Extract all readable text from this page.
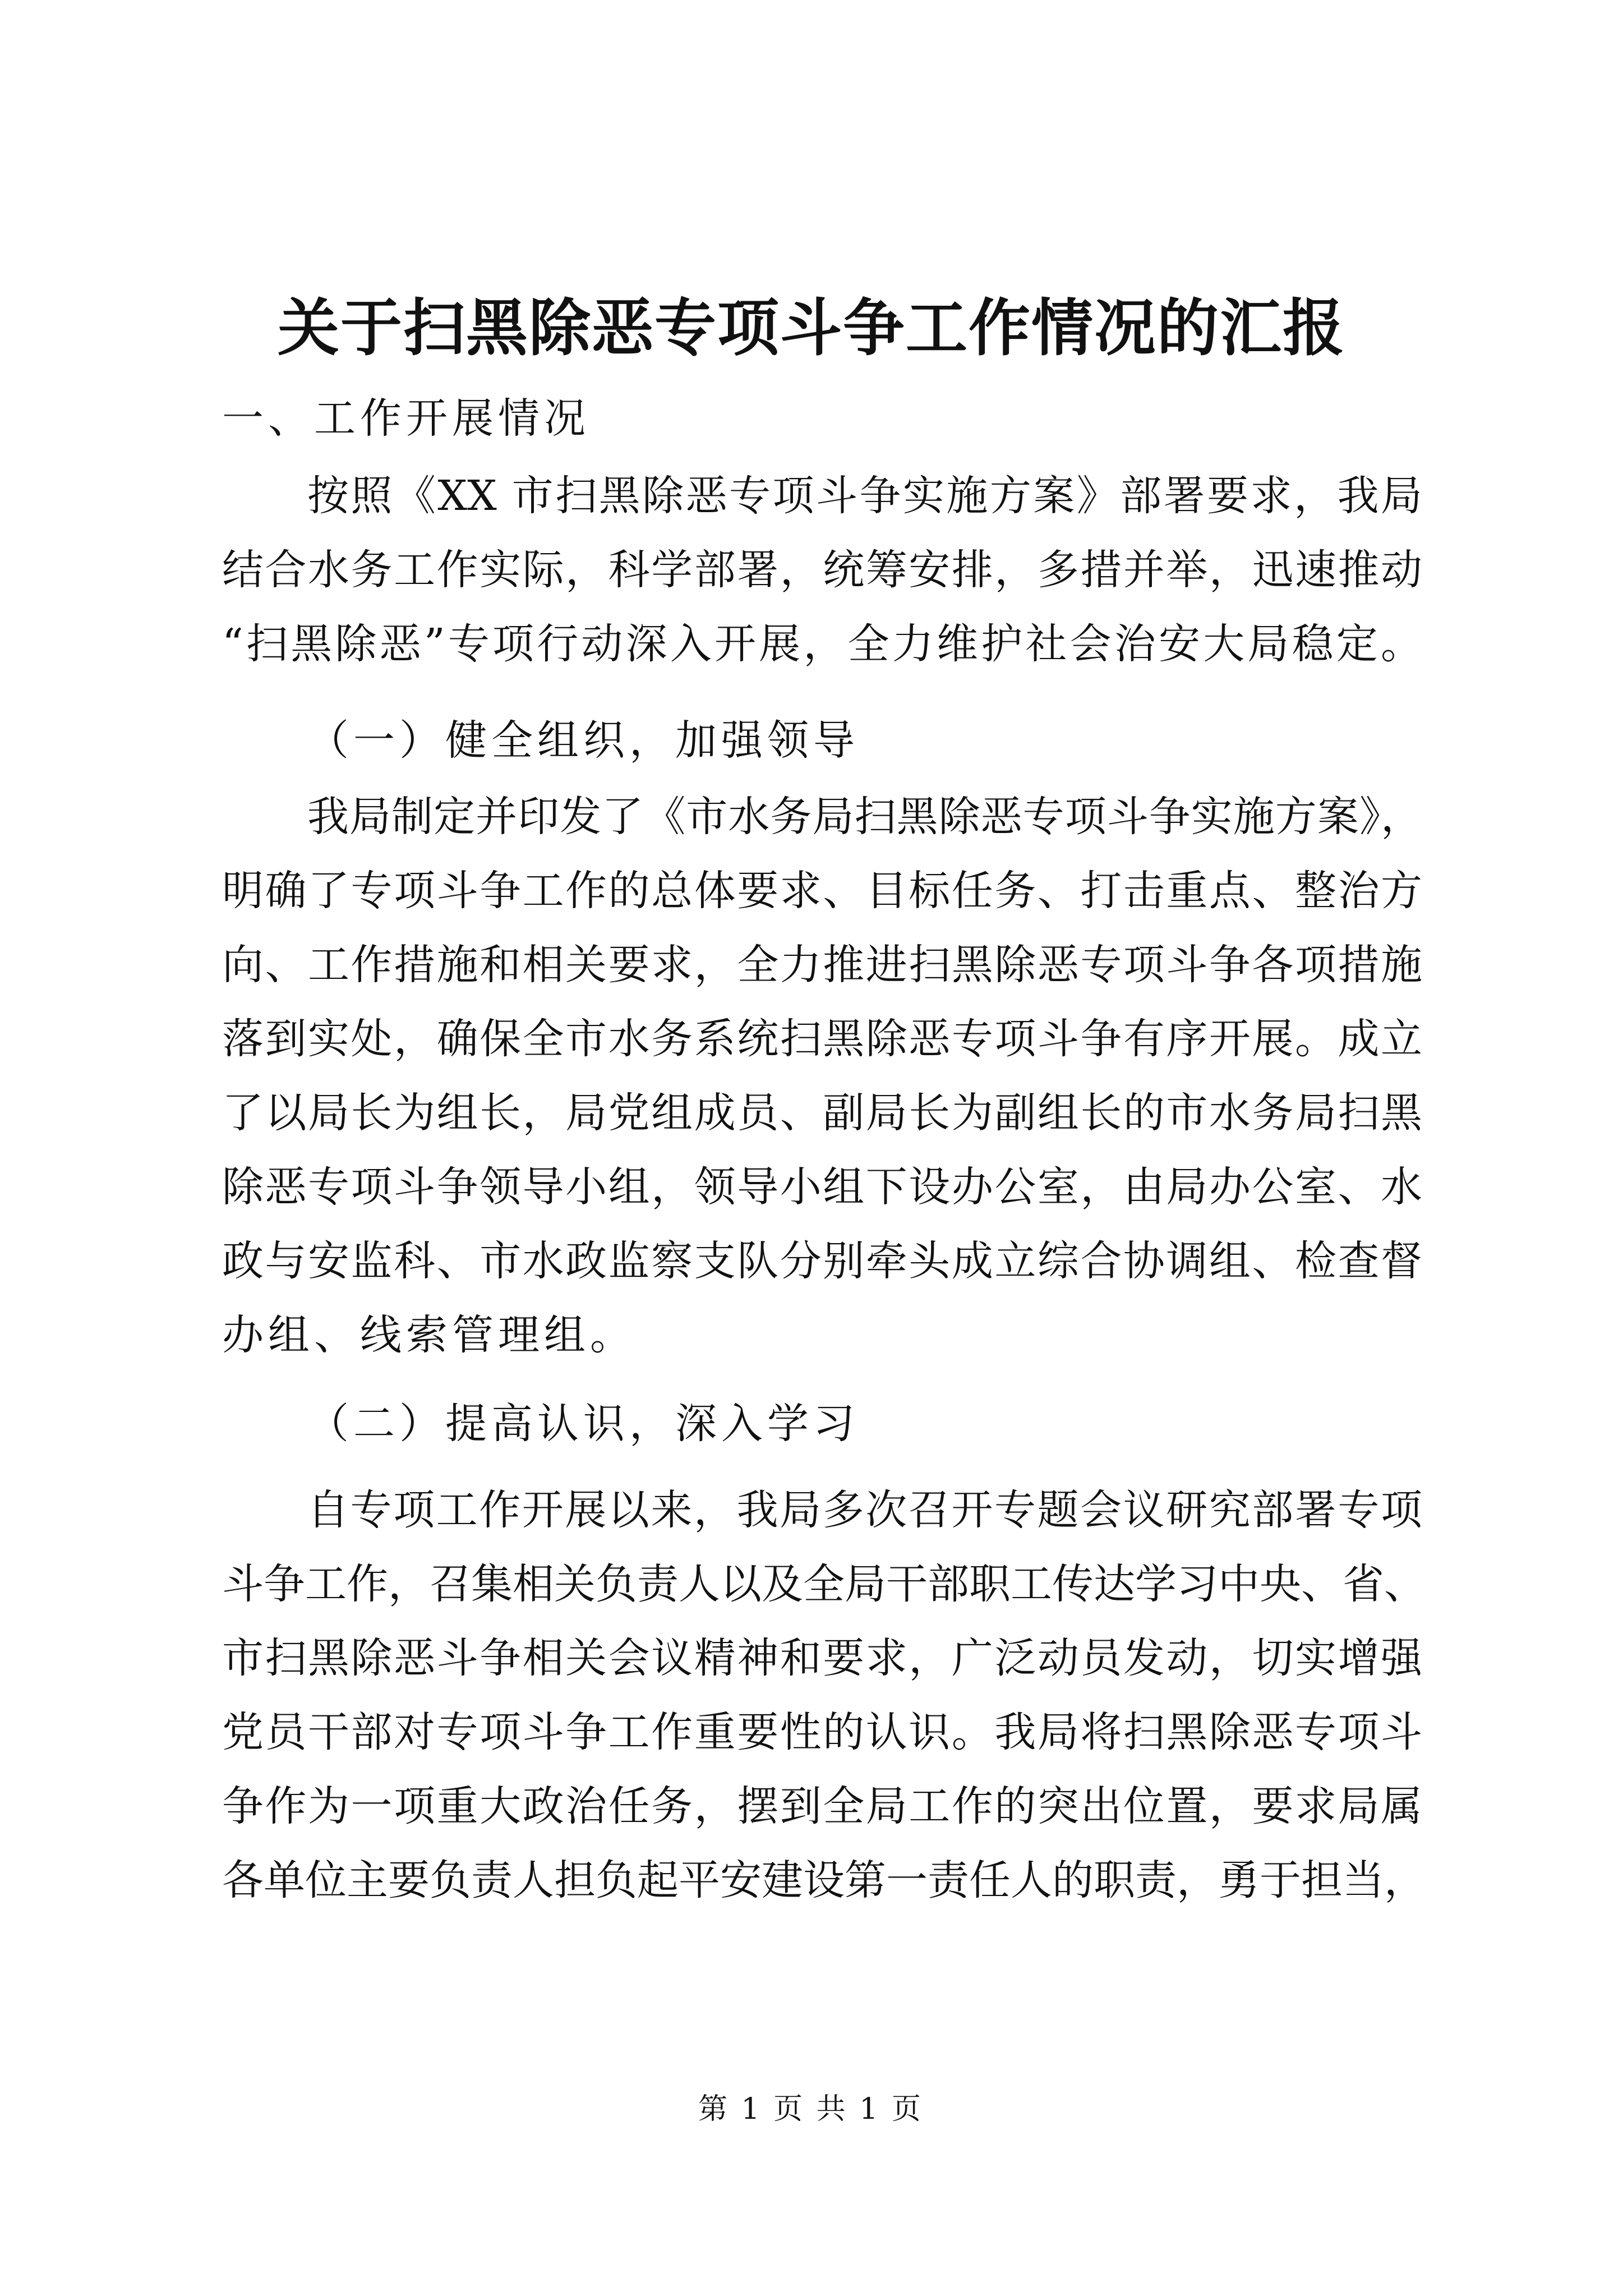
关于扫黑除恶专项斗争工作情况的汇报
一、工作开展情况
按照《XX 市扫黑除恶专项斗争实施方案》部署要求，我局
结合水务工作实际，科学部署，统筹安排，多措并举，迅速推动
“扫黑除恶”专项行动深入开展，全力维护社会治安大局稳定。
（一）健全组织，加强领导
我局制定并印发了《市水务局扫黑除恶专项斗争实施方案》，
明确了专项斗争工作的总体要求、目标任务、打击重点、整治方
向、工作措施和相关要求，全力推进扫黑除恶专项斗争各项措施
落到实处，确保全市水务系统扫黑除恶专项斗争有序开展。成立
了以局长为组长，局党组成员、副局长为副组长的市水务局扫黑
除恶专项斗争领导小组，领导小组下设办公室，由局办公室、水
政与安监科、市水政监察支队分别牵头成立综合协调组、检查督
办组、线索管理组。
（二）提高认识，深入学习
自专项工作开展以来，我局多次召开专题会议研究部署专项
斗争工作，召集相关负责人以及全局干部职工传达学习中央、省、
市扫黑除恶斗争相关会议精神和要求，广泛动员发动，切实增强
党员干部对专项斗争工作重要性的认识。我局将扫黑除恶专项斗
争作为一项重大政治任务，摆到全局工作的突出位置，要求局属
各单位主要负责人担负起平安建设第一责任人的职责，勇于担当，
第 1 页 共 1 页
